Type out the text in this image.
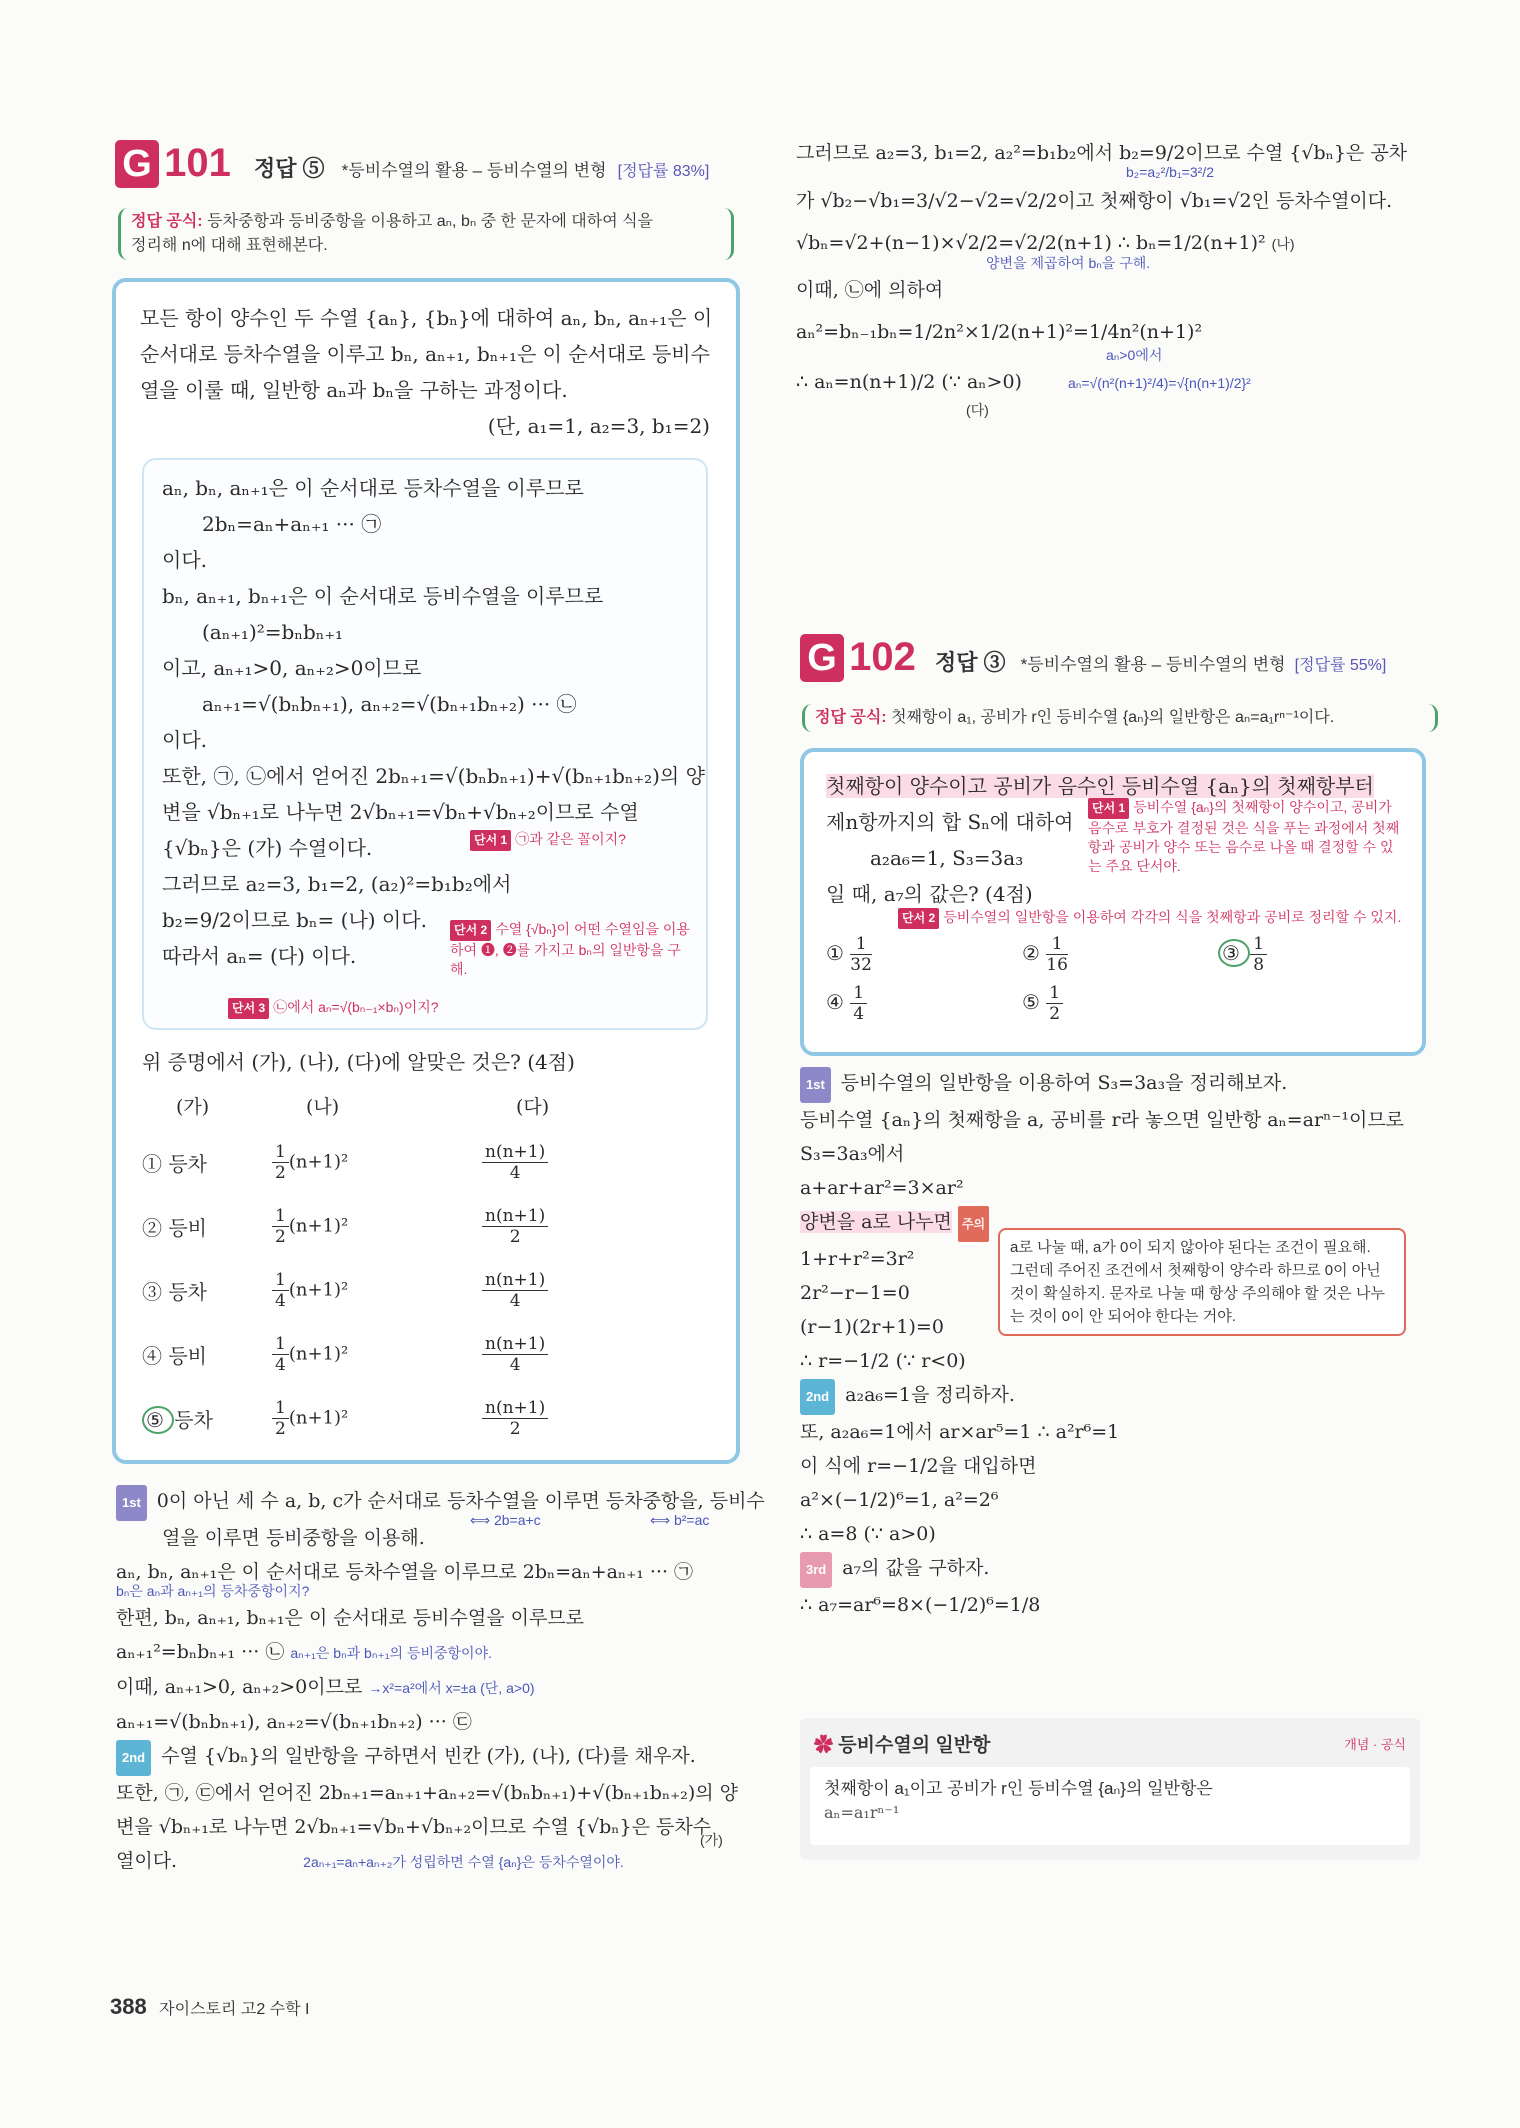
G 101 정답 ⑤ *등비수열의 활용 – 등비수열의 변형 [정답률 83%]
정답 공식: 등차중항과 등비중항을 이용하고 aₙ, bₙ 중 한 문자에 대하여 식을
정리해 n에 대해 표현해본다.
모든 항이 양수인 두 수열 {aₙ}, {bₙ}에 대하여 aₙ, bₙ, aₙ₊₁은 이
순서대로 등차수열을 이루고 bₙ, aₙ₊₁, bₙ₊₁은 이 순서대로 등비수
열을 이룰 때, 일반항 aₙ과 bₙ을 구하는 과정이다.
(단, a₁=1, a₂=3, b₁=2)
aₙ, bₙ, aₙ₊₁은 이 순서대로 등차수열을 이루므로
2bₙ=aₙ+aₙ₊₁ ··· ㉠
이다.
bₙ, aₙ₊₁, bₙ₊₁은 이 순서대로 등비수열을 이루므로
(aₙ₊₁)²=bₙbₙ₊₁
이고, aₙ₊₁>0, aₙ₊₂>0이므로
aₙ₊₁=√(bₙbₙ₊₁), aₙ₊₂=√(bₙ₊₁bₙ₊₂) ··· ㉡
이다.
또한, ㉠, ㉡에서 얻어진 2bₙ₊₁=√(bₙbₙ₊₁)+√(bₙ₊₁bₙ₊₂)의 양
변을 √bₙ₊₁로 나누면 2√bₙ₊₁=√bₙ+√bₙ₊₂이므로 수열
{√bₙ}은 (가) 수열이다.
그러므로 a₂=3, b₁=2, (a₂)²=b₁b₂에서
b₂=9/2이므로 bₙ= (나) 이다.
따라서 aₙ= (다) 이다.
단서 1 ㉠과 같은 꼴이지?
단서 2 수열 {√bₙ}이 어떤 수열임을 이용하여 ❶, ❷를 가지고 bₙ의 일반항을 구해.
단서 3 ㉡에서 aₙ=√(bₙ₋₁×bₙ)이지?
위 증명에서 (가), (나), (다)에 알맞은 것은? (4점)
(가)	(나)	(다)
① 등차	$\frac{1}{2} (n+1)^2$	$\frac{n(n+1)}{4}$
② 등비	$\frac{1}{2} (n+1)^2$	$\frac{n(n+1)}{2}$
③ 등차	$\frac{1}{4} (n+1)^2$	$\frac{n(n+1)}{4}$
④ 등비	$\frac{1}{4} (n+1)^2$	$\frac{n(n+1)}{4}$
⑤ 등차	$\frac{1}{2} (n+1)^2$	$\frac{n(n+1)}{2}$
1st 0이 아닌 세 수 a, b, c가 순서대로 등차수열을 이루면 등차중항을, 등비수
열을 이루면 등비중항을 이용해.
aₙ, bₙ, aₙ₊₁은 이 순서대로 등차수열을 이루므로 2bₙ=aₙ+aₙ₊₁ ··· ㉠
bₙ은 aₙ과 aₙ₊₁의 등차중항이지?
한편, bₙ, aₙ₊₁, bₙ₊₁은 이 순서대로 등비수열을 이루므로
aₙ₊₁²=bₙbₙ₊₁ ··· ㉡ aₙ₊₁은 bₙ과 bₙ₊₁의 등비중항이야.
이때, aₙ₊₁>0, aₙ₊₂>0이므로 →x²=a²에서 x=±a (단, a>0)
aₙ₊₁=√(bₙbₙ₊₁), aₙ₊₂=√(bₙ₊₁bₙ₊₂) ··· ㉢
2nd 수열 {√bₙ}의 일반항을 구하면서 빈칸 (가), (나), (다)를 채우자.
또한, ㉠, ㉢에서 얻어진 2bₙ₊₁=aₙ₊₁+aₙ₊₂=√(bₙbₙ₊₁)+√(bₙ₊₁bₙ₊₂)의 양
변을 √bₙ₊₁로 나누면 2√bₙ₊₁=√bₙ+√bₙ₊₂이므로 수열 {√bₙ}은 등차수
열이다.	2aₙ₊₁=aₙ+aₙ₊₂가 성립하면 수열 {aₙ}은 등차수열이야.
⟺ 2b=a+c	⟺ b²=ac
(가)
그러므로 a₂=3, b₁=2, a₂²=b₁b₂에서 b₂=9/2이므로 수열 {√bₙ}은 공차
b₂=a₂²/b₁=3²/2
가 √b₂−√b₁=3/√2−√2=√2/2이고 첫째항이 √b₁=√2인 등차수열이다.
√bₙ=√2+(n−1)×√2/2=√2/2(n+1) ∴ bₙ=1/2(n+1)² (나)
양변을 제곱하여 bₙ을 구해.
이때, ㉡에 의하여
aₙ²=bₙ₋₁bₙ=1/2n²×1/2(n+1)²=1/4n²(n+1)²
aₙ>0에서
∴ aₙ=n(n+1)/2 (∵ aₙ>0)	aₙ=√(n²(n+1)²/4)=√{n(n+1)/2}²
(다)
G 102 정답 ③ *등비수열의 활용 – 등비수열의 변형 [정답률 55%]
정답 공식: 첫째항이 a₁, 공비가 r인 등비수열 {aₙ}의 일반항은 aₙ=a₁rⁿ⁻¹이다.
첫째항이 양수이고 공비가 음수인 등비수열 {aₙ}의 첫째항부터
제n항까지의 합 Sₙ에 대하여
a₂a₆=1, S₃=3a₃
일 때, a₇의 값은? (4점)
단서 1 등비수열 {aₙ}의 첫째항이 양수이고, 공비가 음수로 부호가 결정된 것은 식을 푸는 과정에서 첫째항과 공비가 양수 또는 음수로 나올 때 결정할 수 있는 주요 단서야.
단서 2 등비수열의 일반항을 이용하여 각각의 식을 첫째항과 공비로 정리할 수 있지.
① $\frac{1}{32}$	② $\frac{1}{16}$	③ $\frac{1}{8}$
④ $\frac{1}{4}$	⑤ $\frac{1}{2}$
1st 등비수열의 일반항을 이용하여 S₃=3a₃을 정리해보자.
등비수열 {aₙ}의 첫째항을 a, 공비를 r라 놓으면 일반항 aₙ=arⁿ⁻¹이므로
S₃=3a₃에서
a+ar+ar²=3×ar²
양변을 a로 나누면 주의
1+r+r²=3r²
2r²−r−1=0
(r−1)(2r+1)=0
∴ r=−1/2 (∵ r<0)
2nd a₂a₆=1을 정리하자.
또, a₂a₆=1에서 ar×ar⁵=1 ∴ a²r⁶=1
이 식에 r=−1/2을 대입하면
a²×(−1/2)⁶=1, a²=2⁶
∴ a=8 (∵ a>0)
3rd a₇의 값을 구하자.
∴ a₇=ar⁶=8×(−1/2)⁶=1/8
a로 나눌 때, a가 0이 되지 않아야 된다는 조건이 필요해.
그런데 주어진 조건에서 첫째항이 양수라 하므로 0이 아닌
것이 확실하지. 문자로 나눌 때 항상 주의해야 할 것은 나누
는 것이 0이 안 되어야 한다는 거야.
✿ 등비수열의 일반항	개념 · 공식
첫째항이 a₁이고 공비가 r인 등비수열 {aₙ}의 일반항은
aₙ=a₁rⁿ⁻¹
388 자이스토리 고2 수학 I
